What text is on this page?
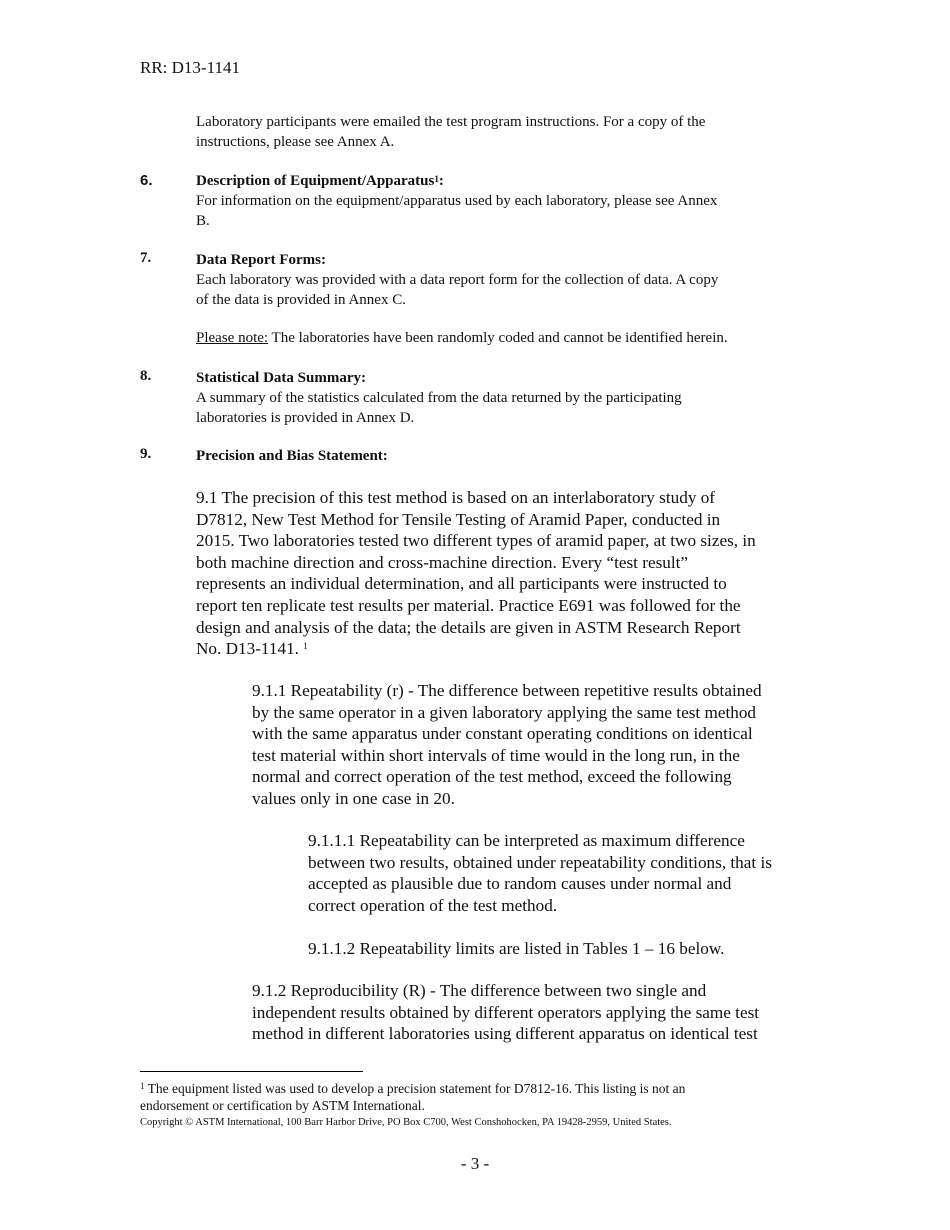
RR: D13-1141
Laboratory participants were emailed the test program instructions. For a copy of the
instructions, please see Annex A.
6.	Description of Equipment/Apparatus$^1$:
For information on the equipment/apparatus used by each laboratory, please see Annex
B.
7.	Data Report Forms:
Each laboratory was provided with a data report form for the collection of data. A copy
of the data is provided in Annex C.
Please note: The laboratories have been randomly coded and cannot be identified herein.
8.	Statistical Data Summary:
A summary of the statistics calculated from the data returned by the participating
laboratories is provided in Annex D.
9.	Precision and Bias Statement:
9.1 The precision of this test method is based on an interlaboratory study of
D7812, New Test Method for Tensile Testing of Aramid Paper, conducted in
2015. Two laboratories tested two different types of aramid paper, at two sizes, in
both machine direction and cross-machine direction. Every “test result”
represents an individual determination, and all participants were instructed to
report ten replicate test results per material. Practice E691 was followed for the
design and analysis of the data; the details are given in ASTM Research Report
No. D13-1141. $^1$
9.1.1 Repeatability (r) - The difference between repetitive results obtained
by the same operator in a given laboratory applying the same test method
with the same apparatus under constant operating conditions on identical
test material within short intervals of time would in the long run, in the
normal and correct operation of the test method, exceed the following
values only in one case in 20.
9.1.1.1 Repeatability can be interpreted as maximum difference
between two results, obtained under repeatability conditions, that is
accepted as plausible due to random causes under normal and
correct operation of the test method.
9.1.1.2 Repeatability limits are listed in Tables 1 – 16 below.
9.1.2 Reproducibility (R) - The difference between two single and
independent results obtained by different operators applying the same test
method in different laboratories using different apparatus on identical test
$^1$ The equipment listed was used to develop a precision statement for D7812-16. This listing is not an
endorsement or certification by ASTM International.
Copyright © ASTM International, 100 Barr Harbor Drive, PO Box C700, West Conshohocken, PA 19428-2959, United States.
- 3 -
